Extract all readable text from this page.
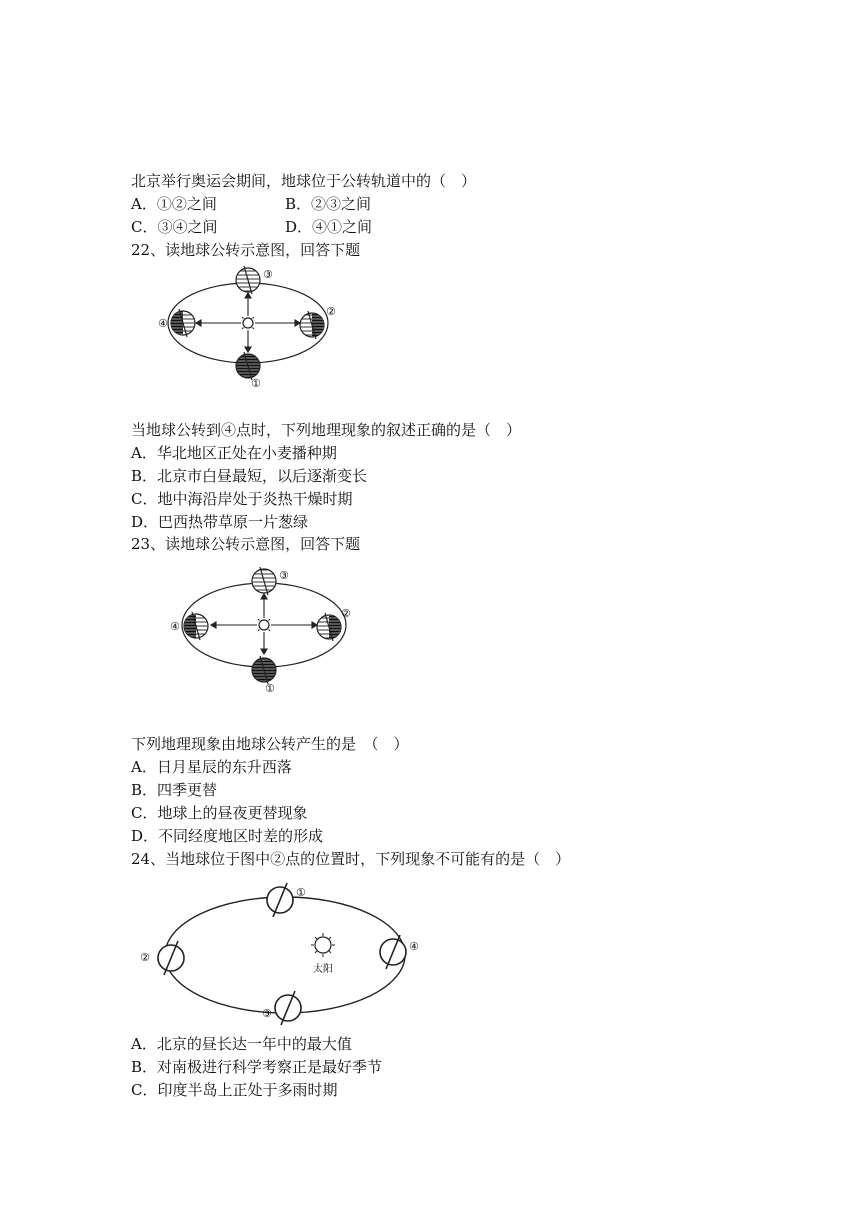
北京举行奥运会期间，地球位于公转轨道中的（　）
A．①②之间	B．②③之间
C．③④之间	D．④①之间
22、读地球公转示意图，回答下题
③
②
④
①
当地球公转到④点时，下列地理现象的叙述正确的是（　）
A．华北地区正处在小麦播种期
B．北京市白昼最短，以后逐渐变长
C．地中海沿岸处于炎热干燥时期
D．巴西热带草原一片葱绿
23、读地球公转示意图，回答下题
③
②
④
①
下列地理现象由地球公转产生的是　（　）
A．日月星辰的东升西落
B．四季更替
C．地球上的昼夜更替现象
D．不同经度地区时差的形成
24、当地球位于图中②点的位置时，下列现象不可能有的是（　）
①
②
③
④
太阳
A．北京的昼长达一年中的最大值
B．对南极进行科学考察正是最好季节
C．印度半岛上正处于多雨时期
